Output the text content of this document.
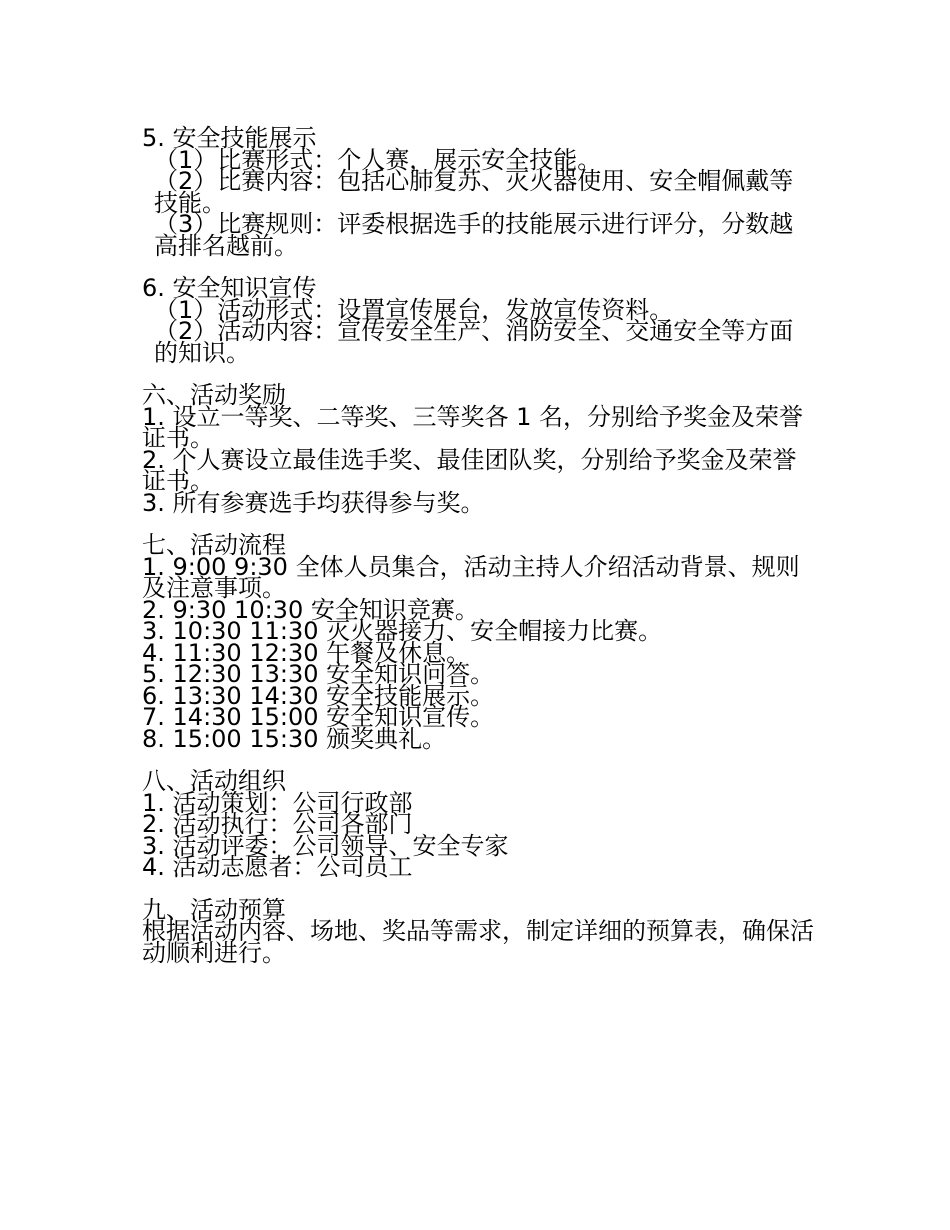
5. 安全技能展示
（1）比赛形式：个人赛，展示安全技能。
（2）比赛内容：包括心肺复苏、灭火器使用、安全帽佩戴等技能。
（3）比赛规则：评委根据选手的技能展示进行评分，分数越高排名越前。
6. 安全知识宣传
（1）活动形式：设置宣传展台，发放宣传资料。
（2）活动内容：宣传安全生产、消防安全、交通安全等方面的知识。
六、活动奖励
1. 设立一等奖、二等奖、三等奖各 1 名，分别给予奖金及荣誉证书。
2. 个人赛设立最佳选手奖、最佳团队奖，分别给予奖金及荣誉证书。
3. 所有参赛选手均获得参与奖。
七、活动流程
1. 9:00 9:30 全体人员集合，活动主持人介绍活动背景、规则及注意事项。
2. 9:30 10:30 安全知识竞赛。
3. 10:30 11:30 灭火器接力、安全帽接力比赛。
4. 11:30 12:30 午餐及休息。
5. 12:30 13:30 安全知识问答。
6. 13:30 14:30 安全技能展示。
7. 14:30 15:00 安全知识宣传。
8. 15:00 15:30 颁奖典礼。
八、活动组织
1. 活动策划：公司行政部
2. 活动执行：公司各部门
3. 活动评委：公司领导、安全专家
4. 活动志愿者：公司员工
九、活动预算
根据活动内容、场地、奖品等需求，制定详细的预算表，确保活动顺利进行。
